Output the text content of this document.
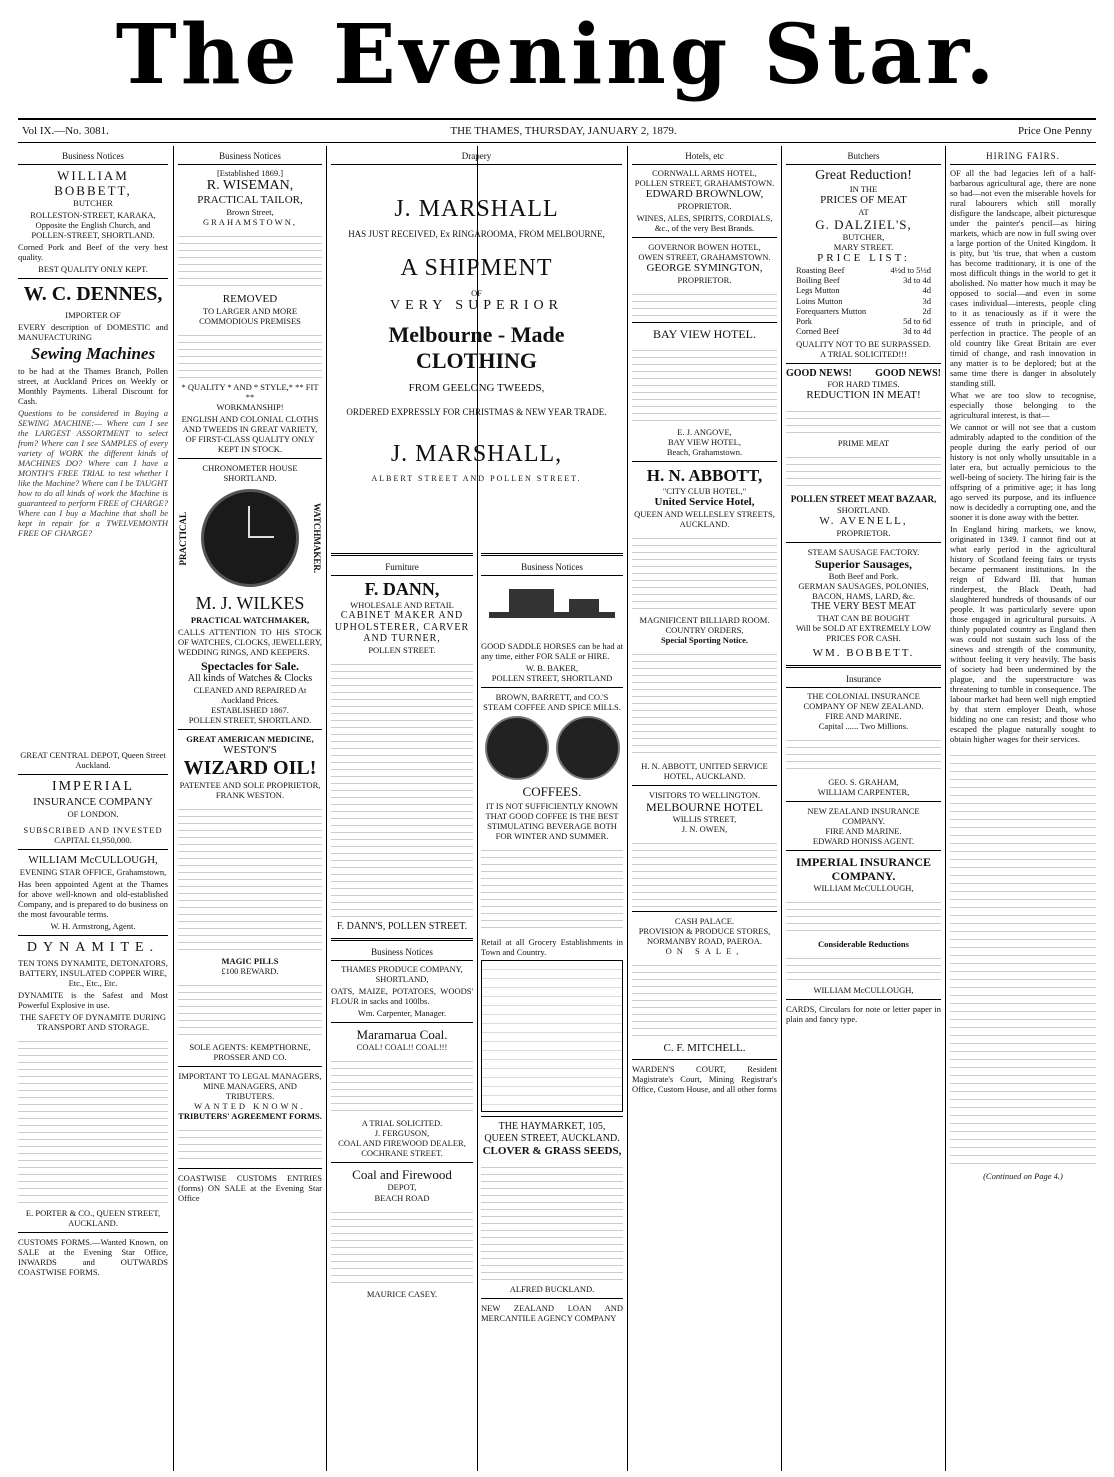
The Evening Star.
Vol IX.—No. 3081.	THE THAMES, THURSDAY, JANUARY 2, 1879.	Price One Penny
Business Notices
WILLIAM BOBBETT,
BUTCHER

ROLLESTON-STREET, KARAKA, Opposite the English Church, and POLLEN-STREET, SHORTLAND.

Corned Pork and Beef of the very best quality.

BEST QUALITY ONLY KEPT.
W. C. DENNES,
IMPORTER OF

EVERY description of DOMESTIC and MANUFACTURING

Sewing Machines

to be had at the Thames Branch, Pollen street, at Auckland Prices on Weekly or Monthly Payments. Liberal Discount for Cash.

Questions to be considered in Buying a SEWING MACHINE:— Where can I see the LARGEST ASSORTMENT to select from? Where can I see SAMPLES of every variety of WORK the different kinds of MACHINES DO? Where can I have a MONTH'S FREE TRIAL to test whether I like the Machine? Where can I be TAUGHT how to do all kinds of work the Machine is guaranteed to perform FREE of CHARGE? Where can I buy a Machine that shall be kept in repair for a TWELVEMONTH FREE OF CHARGE?

GREAT CENTRAL DEPOT, Queen Street Auckland.
IMPERIAL
INSURANCE COMPANY
OF LONDON.
SUBSCRIBED AND INVESTED
CAPITAL £1,950,000.
WILLIAM McCULLOUGH,
EVENING STAR OFFICE, Grahamstown,

Has been appointed Agent at the Thames for above well-known and old-established Company, and is prepared to do business on the most favourable terms.

W. H. Armstrong, Agent.
DYNAMITE.

TEN TONS DYNAMITE, DETONATORS, BATTERY, INSULATED COPPER WIRE, Etc., Etc., Etc.

DYNAMITE is the Safest and Most Powerful Explosive in use.

THE SAFETY OF DYNAMITE DURING TRANSPORT AND STORAGE.

E. PORTER & CO., QUEEN STREET, AUCKLAND.

CUSTOMS FORMS.—Wanted Known, on SALE at the Evening Star Office, INWARDS and OUTWARDS COASTWISE FORMS.

Business Notices
[Established 1869.]
R. WISEMAN,
PRACTICAL TAILOR,
Brown Street,
GRAHAMSTOWN,
REMOVED
TO LARGER AND MORE COMMODIOUS PREMISES
* QUALITY * AND * STYLE,* ** FIT **
WORKMANSHIP!

ENGLISH AND COLONIAL CLOTHS AND TWEEDS IN GREAT VARIETY, OF FIRST-CLASS QUALITY ONLY KEPT IN STOCK.

CHRONOMETER HOUSE SHORTLAND.
PRACTICAL	WATCHMAKER.
M. J. WILKES
PRACTICAL WATCHMAKER,

CALLS ATTENTION TO HIS STOCK OF WATCHES, CLOCKS, JEWELLERY, WEDDING RINGS, AND KEEPERS.

Spectacles for Sale.
All kinds of Watches & Clocks
CLEANED AND REPAIRED At Auckland Prices.
ESTABLISHED 1867.
POLLEN STREET, SHORTLAND.
GREAT AMERICAN MEDICINE,
WESTON'S
WIZARD OIL!
PATENTEE AND SOLE PROPRIETOR, FRANK WESTON.
MAGIC PILLS
£100 REWARD.
SOLE AGENTS: KEMPTHORNE, PROSSER AND CO.
IMPORTANT TO LEGAL MANAGERS, MINE MANAGERS, AND TRIBUTERS.
WANTED KNOWN.
TRIBUTERS' AGREEMENT FORMS.

COASTWISE CUSTOMS ENTRIES (forms) ON SALE at the Evening Star Office

Drapery
J. MARSHALL
HAS JUST RECEIVED, Ex RINGAROOMA, FROM MELBOURNE,
A SHIPMENT
OF
VERY SUPERIOR
Melbourne - Made CLOTHING
FROM GEELONG TWEEDS,
ORDERED EXPRESSLY FOR CHRISTMAS & NEW YEAR TRADE.
J. MARSHALL,
ALBERT STREET AND POLLEN STREET.
Furniture
F. DANN,
WHOLESALE AND RETAIL
CABINET MAKER AND UPHOLSTERER, CARVER AND TURNER,
POLLEN STREET.
F. DANN'S, POLLEN STREET.
Business Notices
THAMES PRODUCE COMPANY, SHORTLAND,

OATS, MAIZE, POTATOES, WOODS' FLOUR in sacks and 100lbs.

Wm. Carpenter, Manager.
Maramarua Coal.
COAL! COAL!! COAL!!!
A TRIAL SOLICITED.
J. FERGUSON,
COAL AND FIREWOOD DEALER, COCHRANE STREET.
Coal and Firewood
DEPOT,
BEACH ROAD
MAURICE CASEY.
Business Notices

GOOD SADDLE HORSES can be had at any time, either FOR SALE or HIRE.

W. B. BAKER,
POLLEN STREET, SHORTLAND
BROWN, BARRETT, and CO.'S
STEAM COFFEE AND SPICE MILLS.
COFFEES.

IT IS NOT SUFFICIENTLY KNOWN THAT GOOD COFFEE IS THE BEST STIMULATING BEVERAGE BOTH FOR WINTER AND SUMMER.

Retail at all Grocery Establishments in Town and Country.

THE HAYMARKET, 105, QUEEN STREET, AUCKLAND.
CLOVER & GRASS SEEDS,
ALFRED BUCKLAND.

NEW ZEALAND LOAN AND MERCANTILE AGENCY COMPANY

Hotels, etc
CORNWALL ARMS HOTEL,
POLLEN STREET, GRAHAMSTOWN.
EDWARD BROWNLOW,
PROPRIETOR.

WINES, ALES, SPIRITS, CORDIALS, &c., of the very Best Brands.

GOVERNOR BOWEN HOTEL,
OWEN STREET, GRAHAMSTOWN.
GEORGE SYMINGTON,
PROPRIETOR.
BAY VIEW HOTEL.
E. J. ANGOVE,
BAY VIEW HOTEL,
Beach, Grahamstown.
H. N. ABBOTT,
"CITY CLUB HOTEL,"
United Service Hotel,
QUEEN AND WELLESLEY STREETS, AUCKLAND.
MAGNIFICENT BILLIARD ROOM.
COUNTRY ORDERS,
Special Sporting Notice.
H. N. ABBOTT, UNITED SERVICE HOTEL, AUCKLAND.
VISITORS TO WELLINGTON.
MELBOURNE HOTEL
WILLIS STREET,
J. N. OWEN,
CASH PALACE.
PROVISION & PRODUCE STORES,
NORMANBY ROAD, PAEROA.
ON SALE,
C. F. MITCHELL.

WARDEN'S COURT, Resident Magistrate's Court, Mining Registrar's Office, Custom House, and all other forms

Butchers
Great Reduction!
IN THE
PRICES OF MEAT
AT
G. DALZIEL'S,
BUTCHER,
MARY STREET.
PRICE LIST:
Roasting Beef	4½d to 5½d
Boiling Beef	3d to 4d
Legs Mutton	4d
Loins Mutton	3d
Forequarters Mutton	2d
Pork	5d to 6d
Corned Beef	3d to 4d
QUALITY NOT TO BE SURPASSED.
A TRIAL SOLICITED!!!
GOOD NEWS! GOOD NEWS!
FOR HARD TIMES.
REDUCTION IN MEAT!
PRIME MEAT
POLLEN STREET MEAT BAZAAR,
SHORTLAND.
W. AVENELL,
PROPRIETOR.
STEAM SAUSAGE FACTORY.
Superior Sausages,
Both Beef and Pork.
GERMAN SAUSAGES, POLONIES,
BACON, HAMS, LARD, &c.
THE VERY BEST MEAT
THAT CAN BE BOUGHT
Will be SOLD AT EXTREMELY LOW
PRICES FOR CASH.
WM. BOBBETT.
Insurance
THE COLONIAL INSURANCE COMPANY OF NEW ZEALAND.
FIRE AND MARINE.
Capital ...... Two Millions.
GEO. S. GRAHAM,
WILLIAM CARPENTER,
NEW ZEALAND INSURANCE COMPANY.
FIRE AND MARINE.
EDWARD HONISS AGENT.
IMPERIAL INSURANCE COMPANY.
WILLIAM McCULLOUGH,
Considerable Reductions
WILLIAM McCULLOUGH,

CARDS, Circulars for note or letter paper in plain and fancy type.

HIRING FAIRS.

OF all the bad legacies left of a half-barbarous agricultural age, there are none so bad—not even the miserable hovels for rural labourers which still morally disfigure the landscape, albeit picturesque under the painter's pencil—as hiring markets, which are now in full swing over a large portion of the United Kingdom. It is pity, but 'tis true, that when a custom has become traditionary, it is one of the most difficult things in the world to get it abolished. No matter how much it may be opposed to social—and even in some cases individual—interests, people cling to it as tenaciously as if it were the essence of truth in principle, and of perfection in practice. The people of an old country like Great Britain are ever timid of change, and rash innovation in any matter is to be deplored; but at the same time there is danger in absolutely standing still.

What we are too slow to recognise, especially those belonging to the agricultural interest, is that—

We cannot or will not see that a custom admirably adapted to the condition of the people during the early period of our history is not only wholly unsuitable in a later era, but actually pernicious to the well-being of society. The hiring fair is the offspring of a primitive age; it has long ago served its purpose, and its influence now is decidedly a corrupting one, and the sooner it is done away with the better.

In England hiring markets, we know, originated in 1349. I cannot find out at what early period in the agricultural history of Scotland feeing fairs or trysts became permanent institutions. In the reign of Edward III. that human rinderpest, the Black Death, had slaughtered hundreds of thousands of our people. It was particularly severe upon those engaged in agricultural pursuits. A thinly populated country as England then was could not sustain such loss of the sinews and strength of the community, without feeling it very heavily. The basis of society had been undermined by the plague, and the superstructure was threatening to tumble in consequence. The labour market had been well nigh emptied by that stern employer Death, whose bidding no one can resist; and those who escaped the plague naturally sought to obtain higher wages for their services.

(Continued on Page 4.)
